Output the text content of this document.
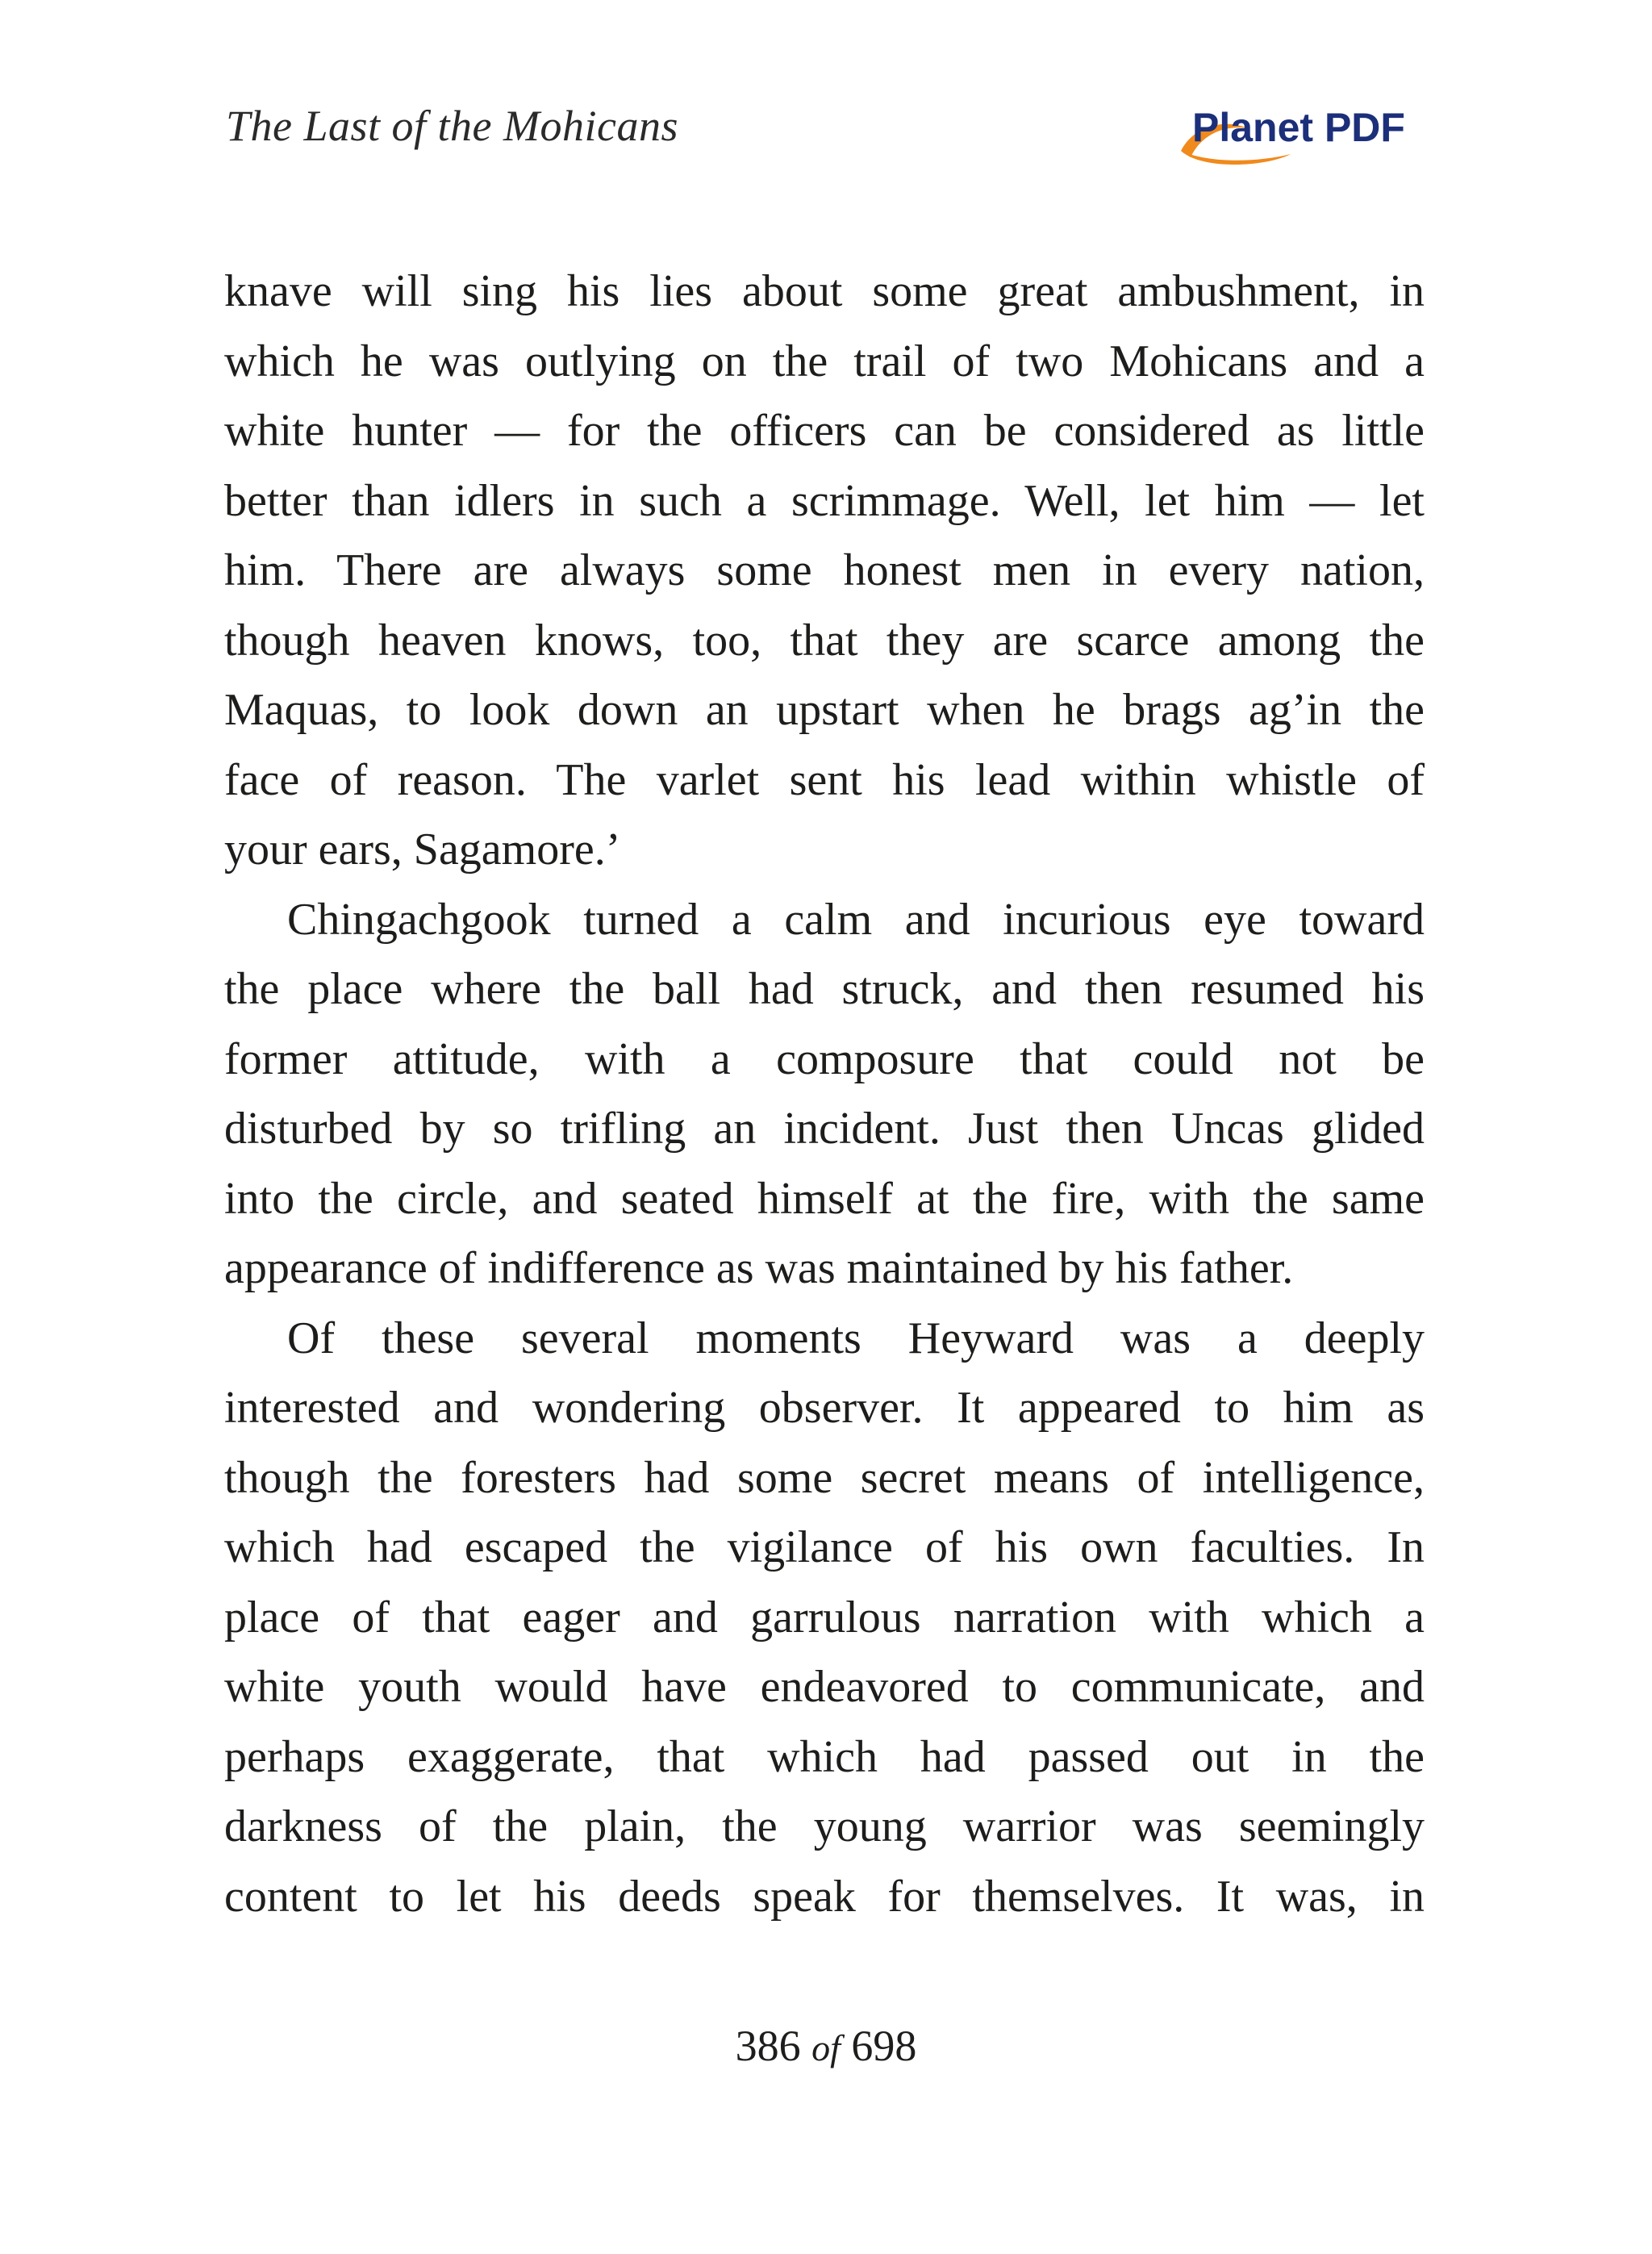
The Last of the Mohicans	Planet PDF
knave will sing his lies about some great ambushment, in
which he was outlying on the trail of two Mohicans and a
white hunter — for the officers can be considered as little
better than idlers in such a scrimmage. Well, let him — let
him. There are always some honest men in every nation,
though heaven knows, too, that they are scarce among the
Maquas, to look down an upstart when he brags ag’in the
face of reason. The varlet sent his lead within whistle of
your ears, Sagamore.’
Chingachgook turned a calm and incurious eye toward
the place where the ball had struck, and then resumed his
former attitude, with a composure that could not be
disturbed by so trifling an incident. Just then Uncas glided
into the circle, and seated himself at the fire, with the same
appearance of indifference as was maintained by his father.
Of these several moments Heyward was a deeply
interested and wondering observer. It appeared to him as
though the foresters had some secret means of intelligence,
which had escaped the vigilance of his own faculties. In
place of that eager and garrulous narration with which a
white youth would have endeavored to communicate, and
perhaps exaggerate, that which had passed out in the
darkness of the plain, the young warrior was seemingly
content to let his deeds speak for themselves. It was, in
386 of 698
